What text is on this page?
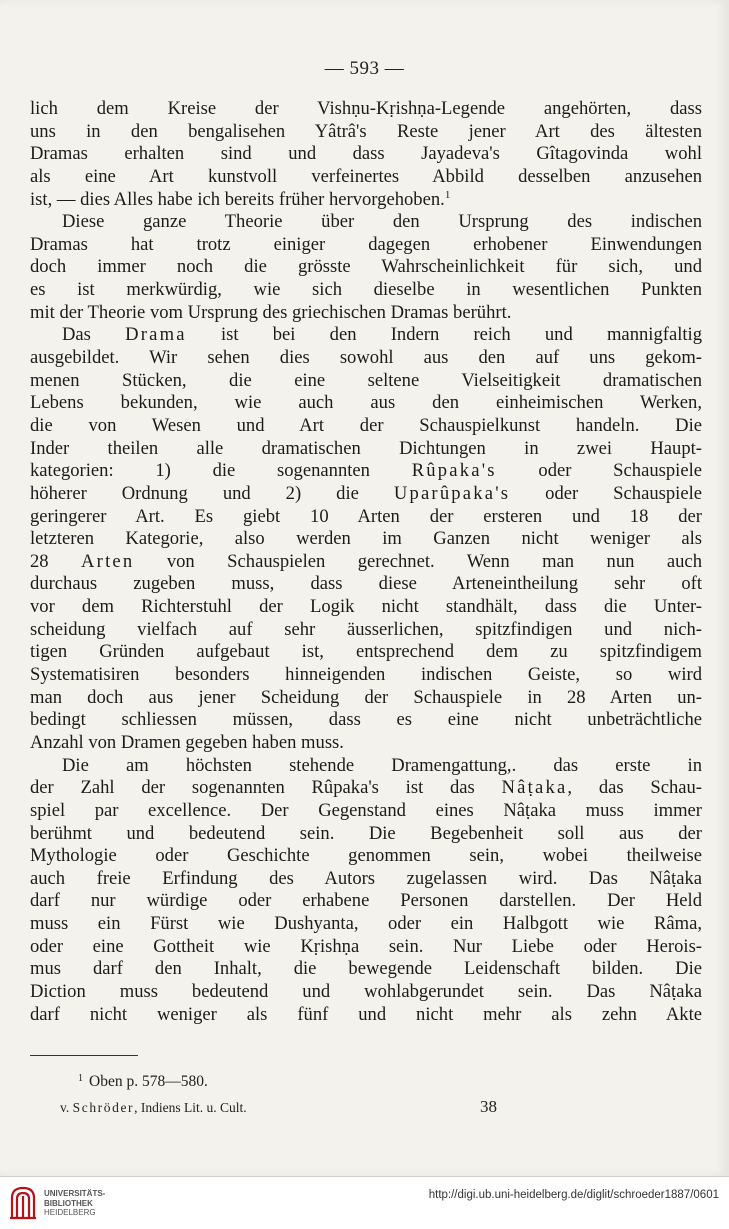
— 593 —
lich dem Kreise der Vishṇu-Kṛishṇa-Legende angehörten, dass
uns in den bengalisehen Yâtrâ's Reste jener Art des ältesten
Dramas erhalten sind und dass Jayadeva's Gîtagovinda wohl
als eine Art kunstvoll verfeinertes Abbild desselben anzusehen
ist, — dies Alles habe ich bereits früher hervorgehoben.$^1$
Diese ganze Theorie über den Ursprung des indischen
Dramas hat trotz einiger dagegen erhobener Einwendungen
doch immer noch die grösste Wahrscheinlichkeit für sich, und
es ist merkwürdig, wie sich dieselbe in wesentlichen Punkten
mit der Theorie vom Ursprung des griechischen Dramas berührt.
Das Drama ist bei den Indern reich und mannigfaltig
ausgebildet. Wir sehen dies sowohl aus den auf uns gekom-
menen Stücken, die eine seltene Vielseitigkeit dramatischen
Lebens bekunden, wie auch aus den einheimischen Werken,
die von Wesen und Art der Schauspielkunst handeln. Die
Inder theilen alle dramatischen Dichtungen in zwei Haupt-
kategorien: 1) die sogenannten Rûpaka's oder Schauspiele
höherer Ordnung und 2) die Uparûpaka's oder Schauspiele
geringerer Art. Es giebt 10 Arten der ersteren und 18 der
letzteren Kategorie, also werden im Ganzen nicht weniger als
28 Arten von Schauspielen gerechnet. Wenn man nun auch
durchaus zugeben muss, dass diese Arteneintheilung sehr oft
vor dem Richterstuhl der Logik nicht standhält, dass die Unter-
scheidung vielfach auf sehr äusserlichen, spitzfindigen und nich-
tigen Gründen aufgebaut ist, entsprechend dem zu spitzfindigem
Systematisiren besonders hinneigenden indischen Geiste, so wird
man doch aus jener Scheidung der Schauspiele in 28 Arten un-
bedingt schliessen müssen, dass es eine nicht unbeträchtliche
Anzahl von Dramen gegeben haben muss.
Die am höchsten stehende Dramengattung,. das erste in
der Zahl der sogenannten Rûpaka's ist das Nâṭaka, das Schau-
spiel par excellence. Der Gegenstand eines Nâṭaka muss immer
berühmt und bedeutend sein. Die Begebenheit soll aus der
Mythologie oder Geschichte genommen sein, wobei theilweise
auch freie Erfindung des Autors zugelassen wird. Das Nâṭaka
darf nur würdige oder erhabene Personen darstellen. Der Held
muss ein Fürst wie Dushyanta, oder ein Halbgott wie Râma,
oder eine Gottheit wie Kṛishṇa sein. Nur Liebe oder Herois-
mus darf den Inhalt, die bewegende Leidenschaft bilden. Die
Diction muss bedeutend und wohlabgerundet sein. Das Nâṭaka
darf nicht weniger als fünf und nicht mehr als zehn Akte
$^1$ Oben p. 578—580.
v. Schröder, Indiens Lit. u. Cult.	38
UNIVERSITÄTS-
BIBLIOTHEK
HEIDELBERG
http://digi.ub.uni-heidelberg.de/diglit/schroeder1887/0601
